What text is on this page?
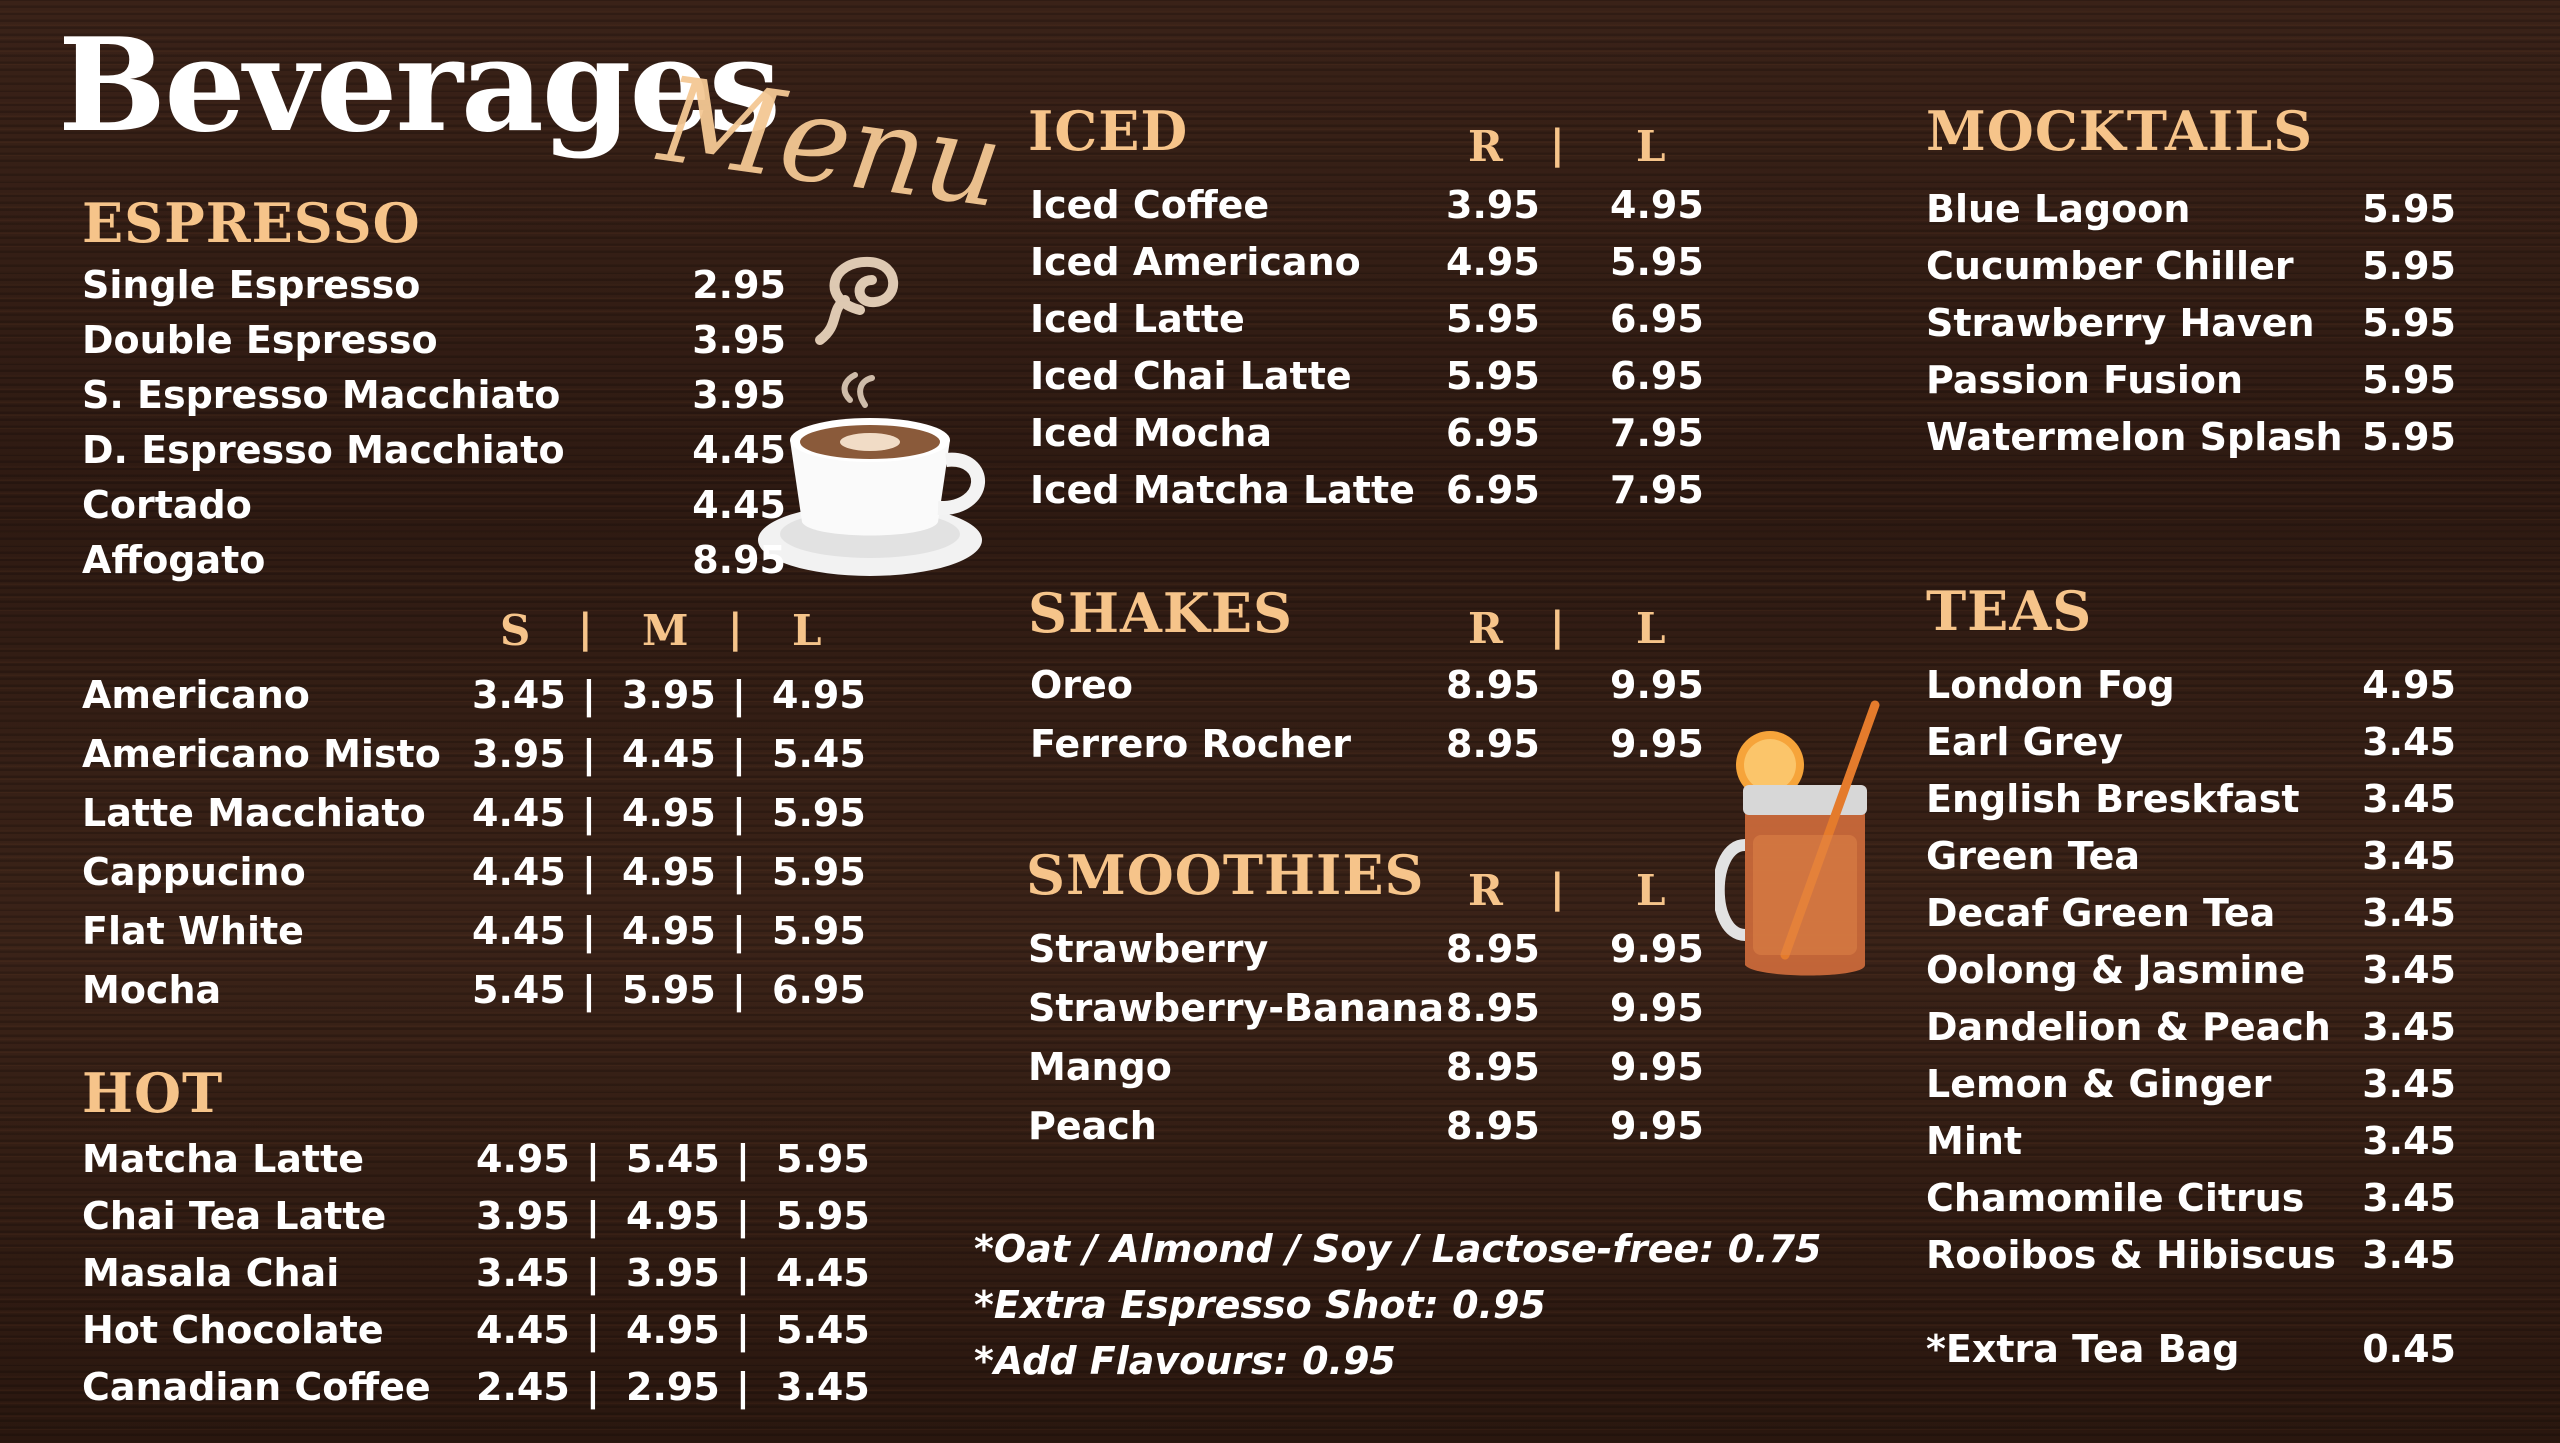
Beverages
Menu
ESPRESSO
Single Espresso	2.95
Double Espresso	3.95
S. Espresso Macchiato	3.95
D. Espresso Macchiato	4.45
Cortado	4.45
Affogato	8.95
S	M L
|	|
Americano	3.45 3.95 4.95
|	|
Americano Misto 3.95 4.45 5.45
|	|
Latte Macchiato 4.45 4.95 5.95
|	|
Cappucino	4.45 4.95 5.95
|	|
Flat White	4.45 4.95 5.95
|	|
Mocha	5.45 5.95 6.95
|	|
HOT
Matcha Latte	4.95 5.45 5.95
|	|
Chai Tea Latte 3.95 4.95 5.95
|	|
Masala Chai	3.45 3.95 4.45
|	|
Hot Chocolate 4.45 4.95 5.45
|	|
Canadian Coffee 2.45 2.95 3.45
|	|
ICED	R | L
Iced Coffee	3.95 4.95
Iced Americano 4.95 5.95
Iced Latte	5.95 6.95
Iced Chai Latte 5.95 6.95
Iced Mocha	6.95 7.95
Iced Matcha Latte 6.95 7.95
SHAKES	R | L
Oreo	8.95 9.95
Ferrero Rocher	8.95 9.95
SMOOTHIES R | L
Strawberry	8.95 9.95
Strawberry-Banana 8.95 9.95
Mango	8.95 9.95
Peach	8.95 9.95
*Oat / Almond / Soy / Lactose-free: 0.75
*Extra Espresso Shot: 0.95
*Add Flavours: 0.95
MOCKTAILS
Blue Lagoon	5.95
Cucumber Chiller 5.95
Strawberry Haven 5.95
Passion Fusion	5.95
Watermelon Splash 5.95
TEAS
London Fog	4.95
Earl Grey	3.45
English Breskfast 3.45
Green Tea	3.45
Decaf Green Tea 3.45
Oolong & Jasmine 3.45
Dandelion & Peach 3.45
Lemon & Ginger 3.45
Mint	3.45
Chamomile Citrus 3.45
Rooibos & Hibiscus 3.45
*Extra Tea Bag	0.45
